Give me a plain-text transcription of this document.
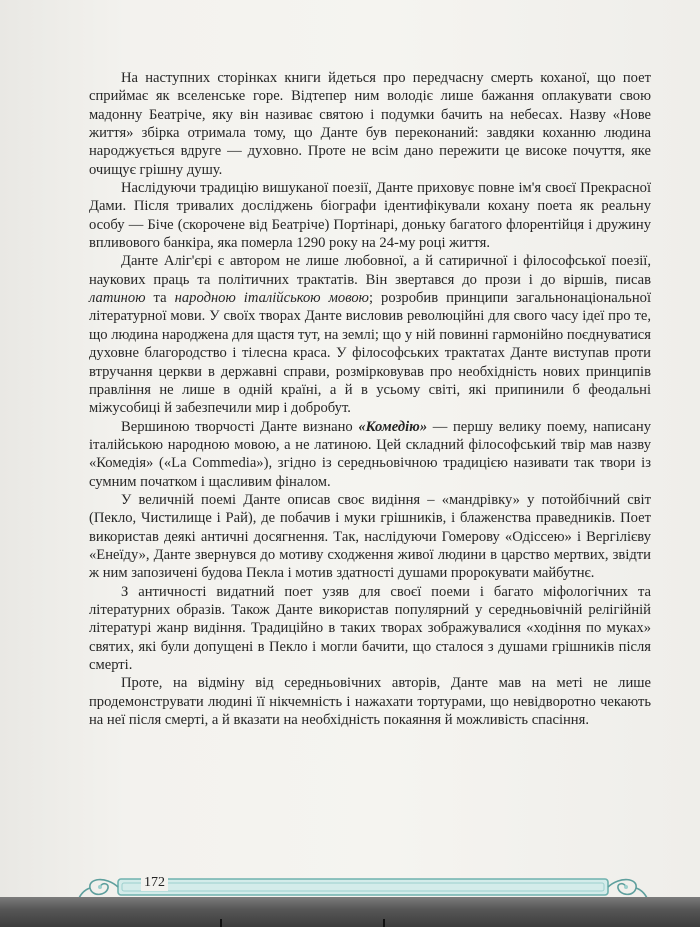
На наступних сторінках книги йдеться про передчасну смерть коханої, що поет сприймає як вселенське горе. Відтепер ним володіє лише бажання оплакувати свою мадонну Беатріче, яку він називає святою і подумки бачить на небесах. Назву «Нове життя» збірка отримала тому, що Данте був переконаний: завдяки коханню людина народжується вдруге — духовно. Проте не всім дано пережити це високе почуття, яке очищує грішну душу.

Наслідуючи традицію вишуканої поезії, Данте приховує повне ім'я своєї Прекрасної Дами. Після тривалих досліджень біографи ідентифікували кохану поета як реальну особу — Біче (скорочене від Беатріче) Портінарі, доньку багатого флорентійця і дружину впливового банкіра, яка померла 1290 року на 24-му році життя.

Данте Аліг'єрі є автором не лише любовної, а й сатиричної і філософської поезії, наукових праць та політичних трактатів. Він звертався до прози і до віршів, писав латиною та народною італійською мовою; розробив принципи загальнонаціональної літературної мови. У своїх творах Данте висловив революційні для свого часу ідеї про те, що людина народжена для щастя тут, на землі; що у ній повинні гармонійно поєднуватися духовне благородство і тілесна краса. У філософських трактатах Данте виступав проти втручання церкви в державні справи, розмірковував про необхідність нових принципів правління не лише в одній країні, а й в усьому світі, які припинили б феодальні міжусобиці й забезпечили мир і добробут.

Вершиною творчості Данте визнано «Комедію» — першу велику поему, написану італійською народною мовою, а не латиною. Цей складний філософський твір мав назву «Комедія» («La Commedia»), згідно із середньовічною традицією називати так твори із сумним початком і щасливим фіналом.

У величній поемі Данте описав своє видіння – «мандрівку» у потойбічний світ (Пекло, Чистилище і Рай), де побачив і муки грішників, і блаженства праведників. Поет використав деякі античні досягнення. Так, наслідуючи Гомерову «Одіссею» і Вергілієву «Енеїду», Данте звернувся до мотиву сходження живої людини в царство мертвих, звідти ж ним запозичені будова Пекла і мотив здатності душами пророкувати майбутнє.

З античності видатний поет узяв для своєї поеми і багато міфологічних та літературних образів. Також Данте використав популярний у середньовічній релігійній літературі жанр видіння. Традиційно в таких творах зображувалися «ходіння по муках» святих, які були допущені в Пекло і могли бачити, що сталося з душами грішників після смерті.

Проте, на відміну від середньовічних авторів, Данте мав на меті не лише продемонструвати людині її нікчемність і нажахати тортурами, що невідворотно чекають на неї після смерті, а й вказати на необхідність покаяння й можливість спасіння.

172
